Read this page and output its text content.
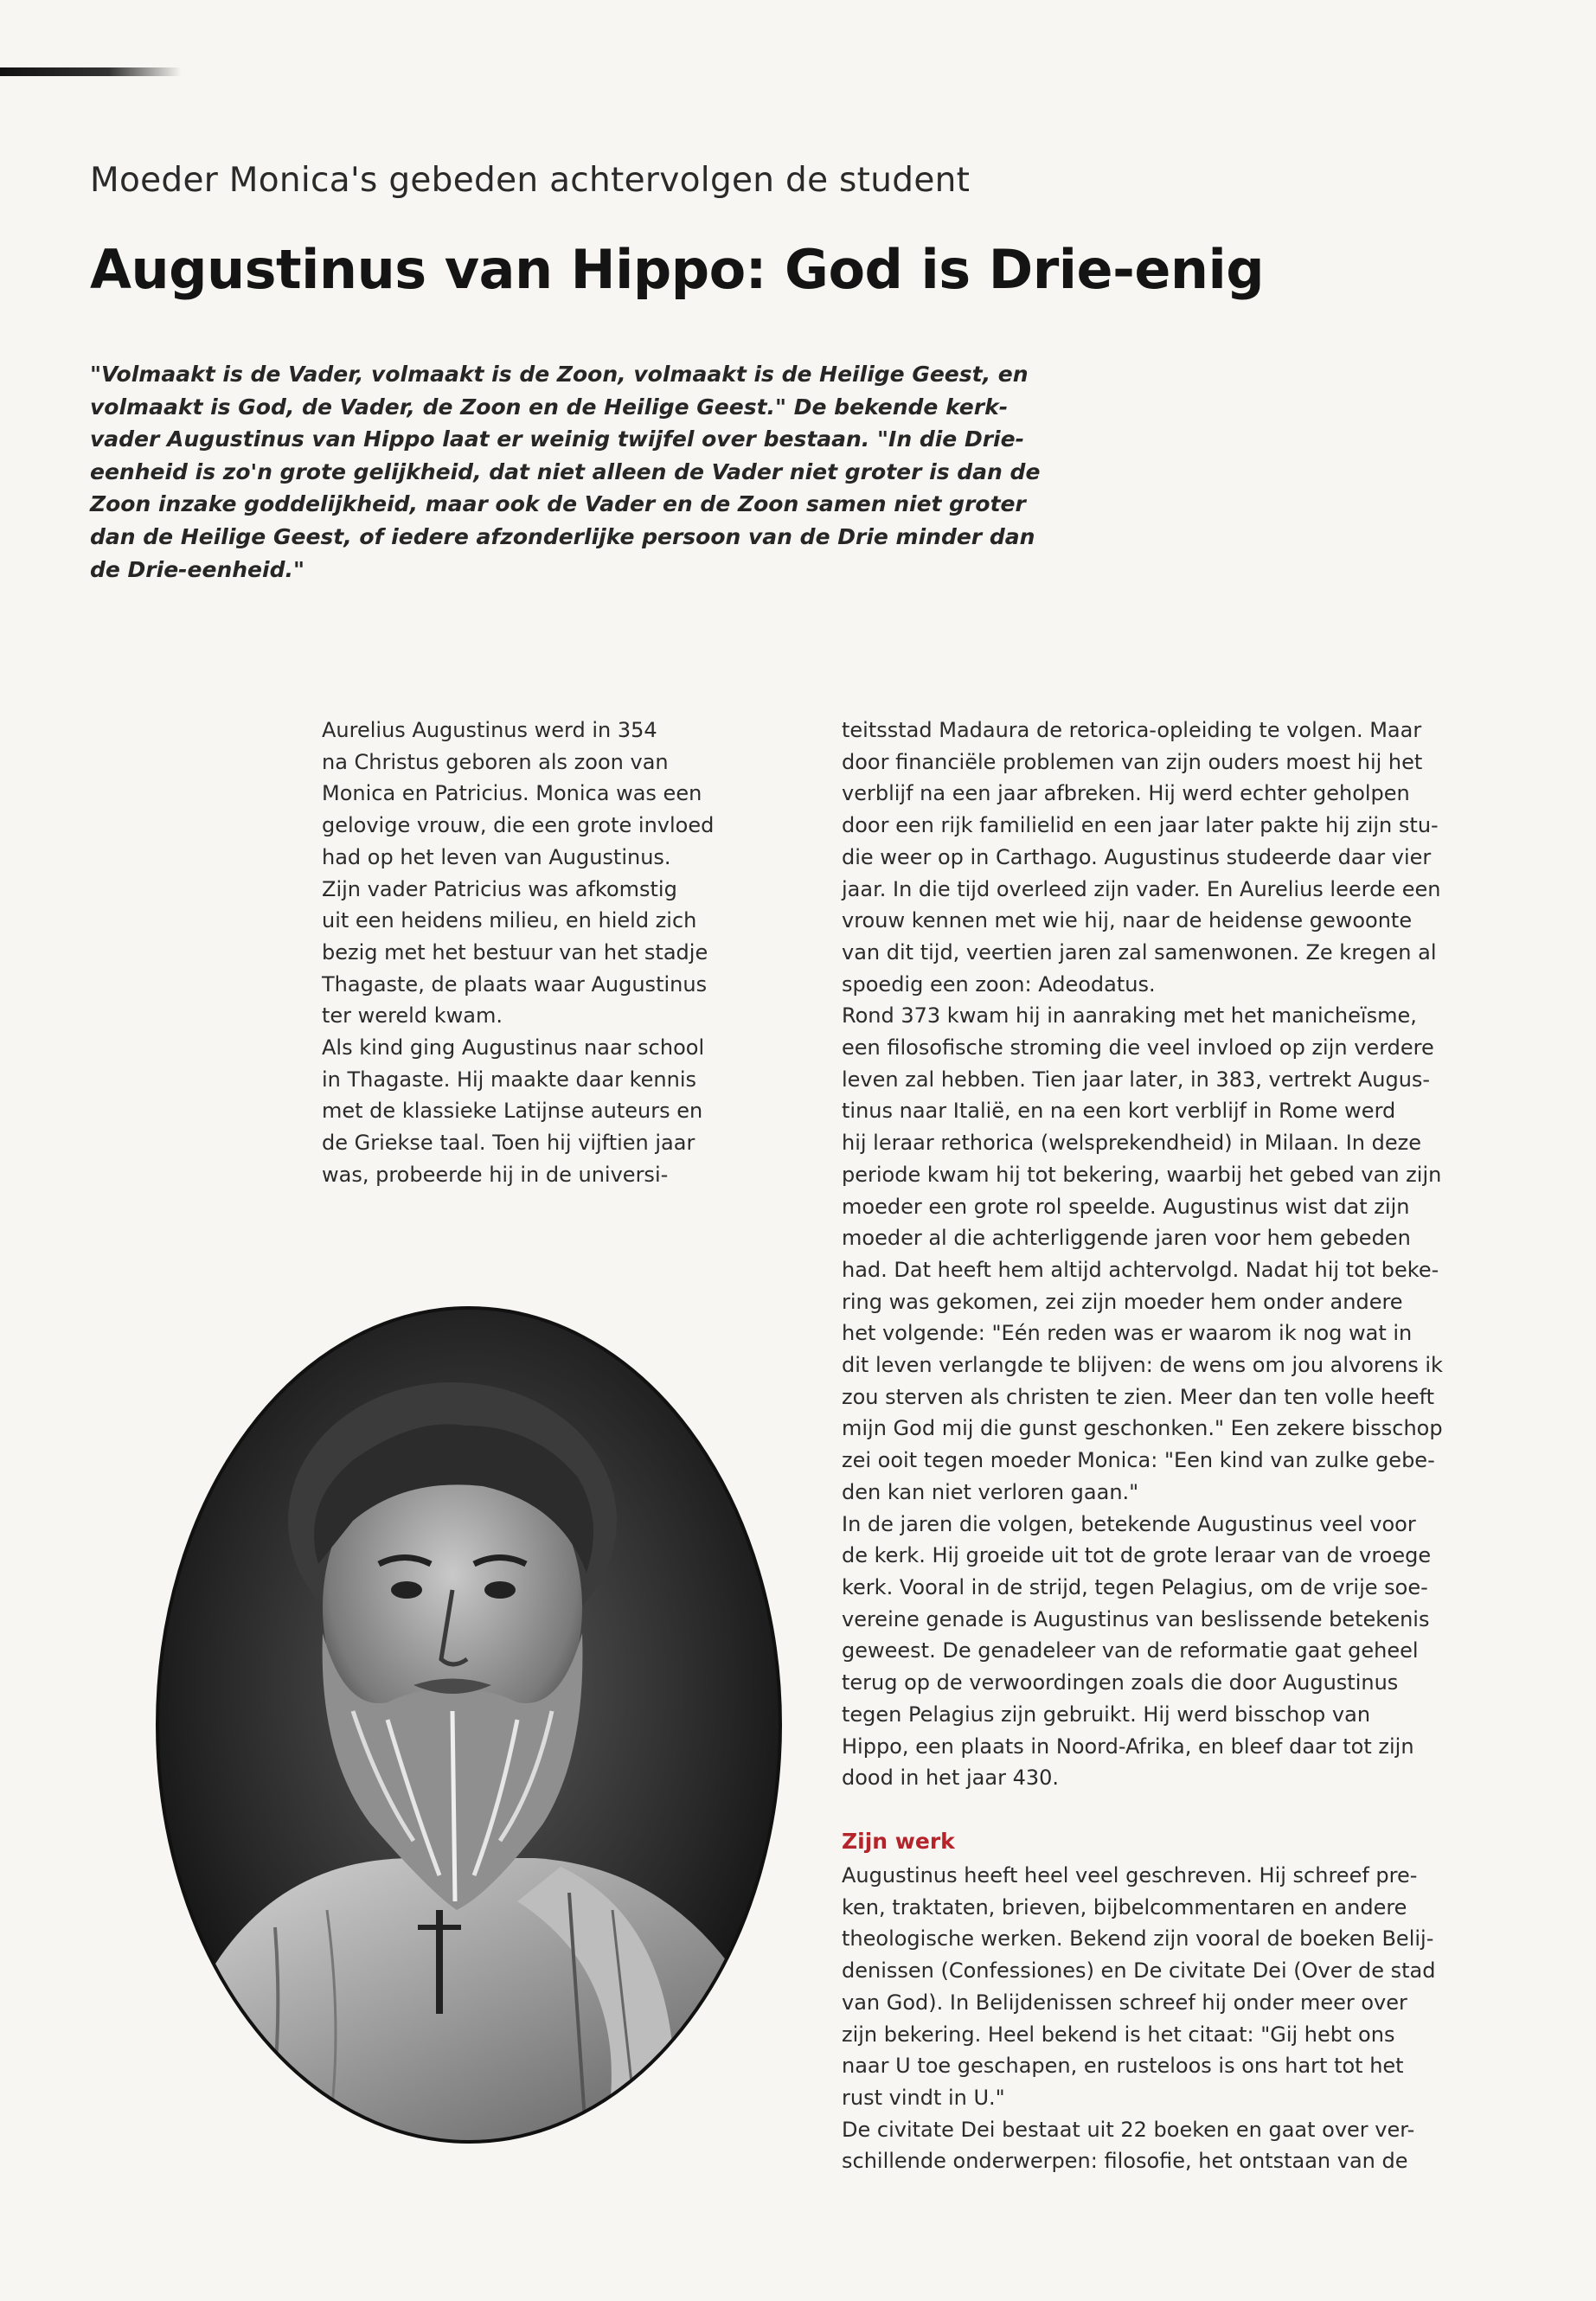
Moeder Monica's gebeden achtervolgen de student
Augustinus van Hippo: God is Drie-enig
"Volmaakt is de Vader, volmaakt is de Zoon, volmaakt is de Heilige Geest, en
volmaakt is God, de Vader, de Zoon en de Heilige Geest." De bekende kerk-
vader Augustinus van Hippo laat er weinig twijfel over bestaan. "In die Drie-
eenheid is zo'n grote gelijkheid, dat niet alleen de Vader niet groter is dan de
Zoon inzake goddelijkheid, maar ook de Vader en de Zoon samen niet groter
dan de Heilige Geest, of iedere afzonderlijke persoon van de Drie minder dan
de Drie-eenheid."
Aurelius Augustinus werd in 354
na Christus geboren als zoon van
Monica en Patricius. Monica was een
gelovige vrouw, die een grote invloed
had op het leven van Augustinus.
Zijn vader Patricius was afkomstig
uit een heidens milieu, en hield zich
bezig met het bestuur van het stadje
Thagaste, de plaats waar Augustinus
ter wereld kwam.
Als kind ging Augustinus naar school
in Thagaste. Hij maakte daar kennis
met de klassieke Latijnse auteurs en
de Griekse taal. Toen hij vijftien jaar
was, probeerde hij in de universi-
teitsstad Madaura de retorica-opleiding te volgen. Maar
door financiële problemen van zijn ouders moest hij het
verblijf na een jaar afbreken. Hij werd echter geholpen
door een rijk familielid en een jaar later pakte hij zijn stu-
die weer op in Carthago. Augustinus studeerde daar vier
jaar. In die tijd overleed zijn vader. En Aurelius leerde een
vrouw kennen met wie hij, naar de heidense gewoonte
van dit tijd, veertien jaren zal samenwonen. Ze kregen al
spoedig een zoon: Adeodatus.
Rond 373 kwam hij in aanraking met het manicheïsme,
een filosofische stroming die veel invloed op zijn verdere
leven zal hebben. Tien jaar later, in 383, vertrekt Augus-
tinus naar Italië, en na een kort verblijf in Rome werd
hij leraar rethorica (welsprekendheid) in Milaan. In deze
periode kwam hij tot bekering, waarbij het gebed van zijn
moeder een grote rol speelde. Augustinus wist dat zijn
moeder al die achterliggende jaren voor hem gebeden
had. Dat heeft hem altijd achtervolgd. Nadat hij tot beke-
ring was gekomen, zei zijn moeder hem onder andere
het volgende: "Eén reden was er waarom ik nog wat in
dit leven verlangde te blijven: de wens om jou alvorens ik
zou sterven als christen te zien. Meer dan ten volle heeft
mijn God mij die gunst geschonken." Een zekere bisschop
zei ooit tegen moeder Monica: "Een kind van zulke gebe-
den kan niet verloren gaan."
In de jaren die volgen, betekende Augustinus veel voor
de kerk. Hij groeide uit tot de grote leraar van de vroege
kerk. Vooral in de strijd, tegen Pelagius, om de vrije soe-
vereine genade is Augustinus van beslissende betekenis
geweest. De genadeleer van de reformatie gaat geheel
terug op de verwoordingen zoals die door Augustinus
tegen Pelagius zijn gebruikt. Hij werd bisschop van
Hippo, een plaats in Noord-Afrika, en bleef daar tot zijn
dood in het jaar 430.
Zijn werk
Augustinus heeft heel veel geschreven. Hij schreef pre-
ken, traktaten, brieven, bijbelcommentaren en andere
theologische werken. Bekend zijn vooral de boeken Belij-
denissen (Confessiones) en De civitate Dei (Over de stad
van God). In Belijdenissen schreef hij onder meer over
zijn bekering. Heel bekend is het citaat: "Gij hebt ons
naar U toe geschapen, en rusteloos is ons hart tot het
rust vindt in U."
De civitate Dei bestaat uit 22 boeken en gaat over ver-
schillende onderwerpen: filosofie, het ontstaan van de
